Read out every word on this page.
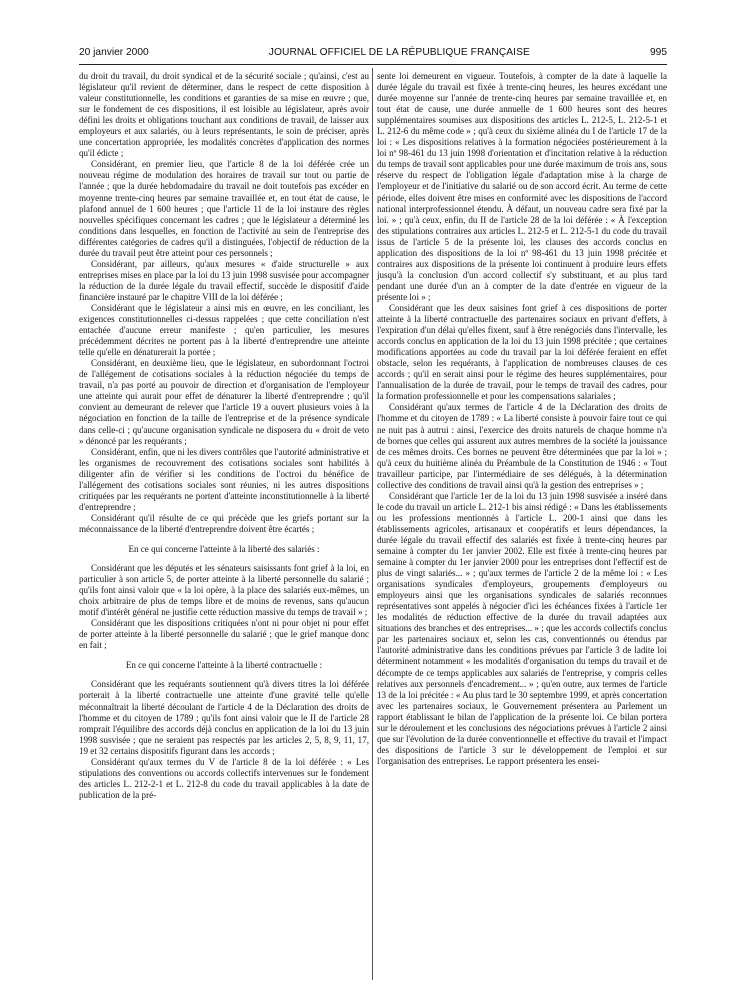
20 janvier 2000	JOURNAL OFFICIEL DE LA RÉPUBLIQUE FRANÇAISE	995

du droit du travail, du droit syndical et de la sécurité sociale ; qu'ainsi, c'est au législateur qu'il revient de déterminer, dans le respect de cette disposition à valeur constitutionnelle, les conditions et garanties de sa mise en œuvre ; que, sur le fondement de ces dispositions, il est loisible au législateur, après avoir défini les droits et obligations touchant aux conditions de travail, de laisser aux employeurs et aux salariés, ou à leurs représentants, le soin de préciser, après une concertation appropriée, les modalités concrètes d'application des normes qu'il édicte ;

Considérant, en premier lieu, que l'article 8 de la loi déférée crée un nouveau régime de modulation des horaires de travail sur tout ou partie de l'année ; que la durée hebdomadaire du travail ne doit toutefois pas excéder en moyenne trente-cinq heures par semaine travaillée et, en tout état de cause, le plafond annuel de 1 600 heures ; que l'article 11 de la loi instaure des règles nouvelles spécifiques concernant les cadres ; que le législateur a déterminé les conditions dans lesquelles, en fonction de l'activité au sein de l'entreprise des différentes catégories de cadres qu'il a distinguées, l'objectif de réduction de la durée du travail peut être atteint pour ces personnels ;

Considérant, par ailleurs, qu'aux mesures « d'aide structurelle » aux entreprises mises en place par la loi du 13 juin 1998 susvisée pour accompagner la réduction de la durée légale du travail effectif, succède le dispositif d'aide financière instauré par le chapitre VIII de la loi déférée ;

Considérant que le législateur a ainsi mis en œuvre, en les conciliant, les exigences constitutionnelles ci-dessus rappelées ; que cette conciliation n'est entachée d'aucune erreur manifeste ; qu'en particulier, les mesures précédemment décrites ne portent pas à la liberté d'entreprendre une atteinte telle qu'elle en dénaturerait la portée ;

Considérant, en deuxième lieu, que le législateur, en subordonnant l'octroi de l'allégement de cotisations sociales à la réduction négociée du temps de travail, n'a pas porté au pouvoir de direction et d'organisation de l'employeur une atteinte qui aurait pour effet de dénaturer la liberté d'entreprendre ; qu'il convient au demeurant de relever que l'article 19 a ouvert plusieurs voies à la négociation en fonction de la taille de l'entreprise et de la présence syndicale dans celle-ci ; qu'aucune organisation syndicale ne disposera du « droit de veto » dénoncé par les requérants ;

Considérant, enfin, que ni les divers contrôles que l'autorité administrative et les organismes de recouvrement des cotisations sociales sont habilités à diligenter afin de vérifier si les conditions de l'octroi du bénéfice de l'allégement des cotisations sociales sont réunies, ni les autres dispositions critiquées par les requérants ne portent d'atteinte inconstitutionnelle à la liberté d'entreprendre ;

Considérant qu'il résulte de ce qui précède que les griefs portant sur la méconnaissance de la liberté d'entreprendre doivent être écartés ;

En ce qui concerne l'atteinte à la liberté des salariés :

Considérant que les députés et les sénateurs saisissants font grief à la loi, en particulier à son article 5, de porter atteinte à la liberté personnelle du salarié ; qu'ils font ainsi valoir que « la loi opère, à la place des salariés eux-mêmes, un choix arbitraire de plus de temps libre et de moins de revenus, sans qu'aucun motif d'intérêt général ne justifie cette réduction massive du temps de travail » ;

Considérant que les dispositions critiquées n'ont ni pour objet ni pour effet de porter atteinte à la liberté personnelle du salarié ; que le grief manque donc en fait ;

En ce qui concerne l'atteinte à la liberté contractuelle :

Considérant que les requérants soutiennent qu'à divers titres la loi déférée porterait à la liberté contractuelle une atteinte d'une gravité telle qu'elle méconnaîtrait la liberté découlant de l'article 4 de la Déclaration des droits de l'homme et du citoyen de 1789 ; qu'ils font ainsi valoir que le II de l'article 28 romprait l'équilibre des accords déjà conclus en application de la loi du 13 juin 1998 susvisée ; que ne seraient pas respectés par les articles 2, 5, 8, 9, 11, 17, 19 et 32 certains dispositifs figurant dans les accords ;

Considérant qu'aux termes du V de l'article 8 de la loi déférée : « Les stipulations des conventions ou accords collectifs intervenues sur le fondement des articles L. 212-2-1 et L. 212-8 du code du travail applicables à la date de publication de la pré-

sente loi demeurent en vigueur. Toutefois, à compter de la date à laquelle la durée légale du travail est fixée à trente-cinq heures, les heures excédant une durée moyenne sur l'année de trente-cinq heures par semaine travaillée et, en tout état de cause, une durée annuelle de 1 600 heures sont des heures supplémentaires soumises aux dispositions des articles L. 212-5, L. 212-5-1 et L. 212-6 du même code » ; qu'à ceux du sixième alinéa du I de l'article 17 de la loi : « Les dispositions relatives à la formation négociées postérieurement à la loi nº 98-461 du 13 juin 1998 d'orientation et d'incitation relative à la réduction du temps de travail sont applicables pour une durée maximum de trois ans, sous réserve du respect de l'obligation légale d'adaptation mise à la charge de l'employeur et de l'initiative du salarié ou de son accord écrit. Au terme de cette période, elles doivent être mises en conformité avec les dispositions de l'accord national interprofessionnel étendu. À défaut, un nouveau cadre sera fixé par la loi. » ; qu'à ceux, enfin, du II de l'article 28 de la loi déférée : « À l'exception des stipulations contraires aux articles L. 212-5 et L. 212-5-1 du code du travail issus de l'article 5 de la présente loi, les clauses des accords conclus en application des dispositions de la loi nº 98-461 du 13 juin 1998 précitée et contraires aux dispositions de la présente loi continuent à produire leurs effets jusqu'à la conclusion d'un accord collectif s'y substituant, et au plus tard pendant une durée d'un an à compter de la date d'entrée en vigueur de la présente loi » ;

Considérant que les deux saisines font grief à ces dispositions de porter atteinte à la liberté contractuelle des partenaires sociaux en privant d'effets, à l'expiration d'un délai qu'elles fixent, sauf à être renégociés dans l'intervalle, les accords conclus en application de la loi du 13 juin 1998 précitée ; que certaines modifications apportées au code du travail par la loi déférée feraient en effet obstacle, selon les requérants, à l'application de nombreuses clauses de ces accords ; qu'il en serait ainsi pour le régime des heures supplémentaires, pour l'annualisation de la durée de travail, pour le temps de travail des cadres, pour la formation professionnelle et pour les compensations salariales ;

Considérant qu'aux termes de l'article 4 de la Déclaration des droits de l'homme et du citoyen de 1789 : « La liberté consiste à pouvoir faire tout ce qui ne nuit pas à autrui : ainsi, l'exercice des droits naturels de chaque homme n'a de bornes que celles qui assurent aux autres membres de la société la jouissance de ces mêmes droits. Ces bornes ne peuvent être déterminées que par la loi » ; qu'à ceux du huitième alinéa du Préambule de la Constitution de 1946 : « Tout travailleur participe, par l'intermédiaire de ses délégués, à la détermination collective des conditions de travail ainsi qu'à la gestion des entreprises » ;

Considérant que l'article 1er de la loi du 13 juin 1998 susvisée a inséré dans le code du travail un article L. 212-1 bis ainsi rédigé : « Dans les établissements ou les professions mentionnés à l'article L. 200-1 ainsi que dans les établissements agricoles, artisanaux et coopératifs et leurs dépendances, la durée légale du travail effectif des salariés est fixée à trente-cinq heures par semaine à compter du 1er janvier 2002. Elle est fixée à trente-cinq heures par semaine à compter du 1er janvier 2000 pour les entreprises dont l'effectif est de plus de vingt salariés... » ; qu'aux termes de l'article 2 de la même loi : « Les organisations syndicales d'employeurs, groupements d'employeurs ou employeurs ainsi que les organisations syndicales de salariés reconnues représentatives sont appelés à négocier d'ici les échéances fixées à l'article 1er les modalités de réduction effective de la durée du travail adaptées aux situations des branches et des entreprises... » ; que les accords collectifs conclus par les partenaires sociaux et, selon les cas, conventionnés ou étendus par l'autorité administrative dans les conditions prévues par l'article 3 de ladite loi déterminent notamment « les modalités d'organisation du temps du travail et de décompte de ce temps applicables aux salariés de l'entreprise, y compris celles relatives aux personnels d'encadrement... » ; qu'en outre, aux termes de l'article 13 de la loi précitée : « Au plus tard le 30 septembre 1999, et après concertation avec les partenaires sociaux, le Gouvernement présentera au Parlement un rapport établissant le bilan de l'application de la présente loi. Ce bilan portera sur le déroulement et les conclusions des négociations prévues à l'article 2 ainsi que sur l'évolution de la durée conventionnelle et effective du travail et l'impact des dispositions de l'article 3 sur le développement de l'emploi et sur l'organisation des entreprises. Le rapport présentera les ensei-
